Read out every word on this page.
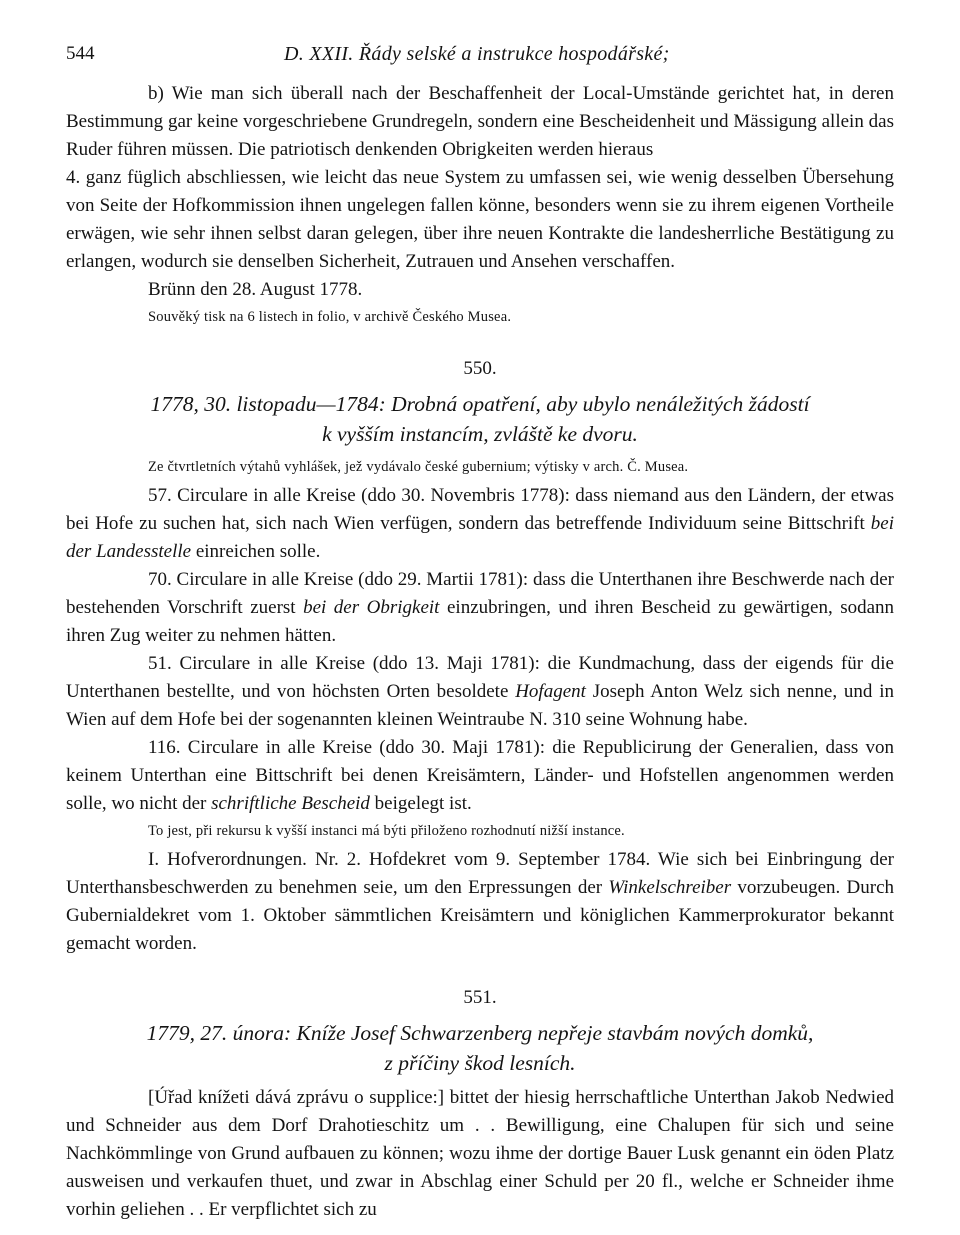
544	D. XXII. Řády selské a instrukce hospodářské;

b) Wie man sich überall nach der Beschaffenheit der Local-Umstände gerichtet hat, in deren Bestimmung gar keine vorgeschriebene Grundregeln, sondern eine Bescheidenheit und Mässigung allein das Ruder führen müssen. Die patriotisch denkenden Obrigkeiten werden hieraus

4. ganz füglich abschliessen, wie leicht das neue System zu umfassen sei, wie wenig desselben Übersehung von Seite der Hofkommission ihnen ungelegen fallen könne, besonders wenn sie zu ihrem eigenen Vortheile erwägen, wie sehr ihnen selbst daran gelegen, über ihre neuen Kontrakte die landesherrliche Bestätigung zu erlangen, wodurch sie denselben Sicherheit, Zutrauen und Ansehen verschaffen.

Brünn den 28. August 1778.

Souvěký tisk na 6 listech in folio, v archivě Českého Musea.

550.
1778, 30. listopadu—1784: Drobná opatření, aby ubylo nenáležitých žádostí
k vyšším instancím, zvláště ke dvoru.

Ze čtvrtletních výtahů vyhlášek, jež vydávalo české gubernium; výtisky v arch. Č. Musea.

57. Circulare in alle Kreise (ddo 30. Novembris 1778): dass niemand aus den Ländern, der etwas bei Hofe zu suchen hat, sich nach Wien verfügen, sondern das betreffende Individuum seine Bittschrift bei der Landesstelle einreichen solle.

70. Circulare in alle Kreise (ddo 29. Martii 1781): dass die Unterthanen ihre Beschwerde nach der bestehenden Vorschrift zuerst bei der Obrigkeit einzubringen, und ihren Bescheid zu gewärtigen, sodann ihren Zug weiter zu nehmen hätten.

51. Circulare in alle Kreise (ddo 13. Maji 1781): die Kundmachung, dass der eigends für die Unterthanen bestellte, und von höchsten Orten besoldete Hofagent Joseph Anton Welz sich nenne, und in Wien auf dem Hofe bei der sogenannten kleinen Weintraube N. 310 seine Wohnung habe.

116. Circulare in alle Kreise (ddo 30. Maji 1781): die Republicirung der Generalien, dass von keinem Unterthan eine Bittschrift bei denen Kreisämtern, Länder- und Hofstellen angenommen werden solle, wo nicht der schriftliche Bescheid beigelegt ist.

To jest, při rekursu k vyšší instanci má býti přiloženo rozhodnutí nižší instance.

I. Hofverordnungen. Nr. 2. Hofdekret vom 9. September 1784. Wie sich bei Einbringung der Unterthansbeschwerden zu benehmen seie, um den Erpressungen der Winkelschreiber vorzubeugen. Durch Gubernialdekret vom 1. Oktober sämmtlichen Kreisämtern und königlichen Kammerprokurator bekannt gemacht worden.

551.
1779, 27. února: Kníže Josef Schwarzenberg nepřeje stavbám nových domků,
z příčiny škod lesních.

[Úřad knížeti dává zprávu o supplice:] bittet der hiesig herrschaftliche Unterthan Jakob Nedwied und Schneider aus dem Dorf Drahotieschitz um . . Bewilligung, eine Chalupen für sich und seine Nachkömmlinge von Grund aufbauen zu können; wozu ihme der dortige Bauer Lusk genannt ein öden Platz ausweisen und verkaufen thuet, und zwar in Abschlag einer Schuld per 20 fl., welche er Schneider ihme vorhin geliehen . . Er verpflichtet sich zu
